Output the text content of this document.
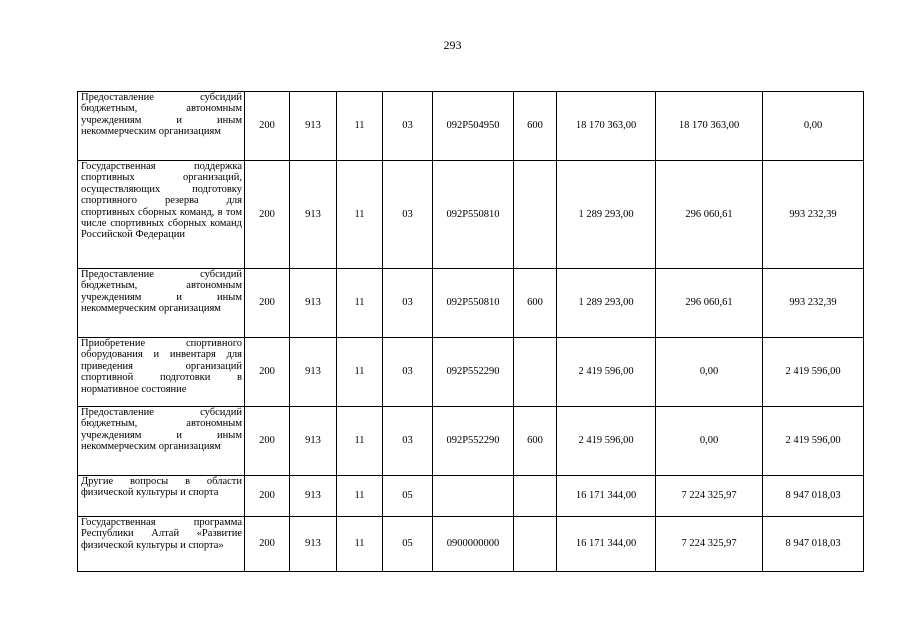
293
Предоставление субсидий бюджетным, автономным учреждениям и иным некоммерческим организациям	200	913	11	03	092P504950	600	18 170 363,00	18 170 363,00	0,00
Государственная поддержка спортивных организаций, осуществляющих подготовку спортивного резерва для спортивных сборных команд, в том числе спортивных сборных команд Российской Федерации	200	913	11	03	092P550810		1 289 293,00	296 060,61	993 232,39
Предоставление субсидий бюджетным, автономным учреждениям и иным некоммерческим организациям	200	913	11	03	092P550810	600	1 289 293,00	296 060,61	993 232,39
Приобретение спортивного оборудования и инвентаря для приведения организаций спортивной подготовки в нормативное состояние	200	913	11	03	092P552290		2 419 596,00	0,00	2 419 596,00
Предоставление субсидий бюджетным, автономным учреждениям и иным некоммерческим организациям	200	913	11	03	092P552290	600	2 419 596,00	0,00	2 419 596,00
Другие вопросы в области физической культуры и спорта	200	913	11	05			16 171 344,00	7 224 325,97	8 947 018,03
Государственная программа Республики Алтай «Развитие физической культуры и спорта»	200	913	11	05	0900000000		16 171 344,00	7 224 325,97	8 947 018,03
